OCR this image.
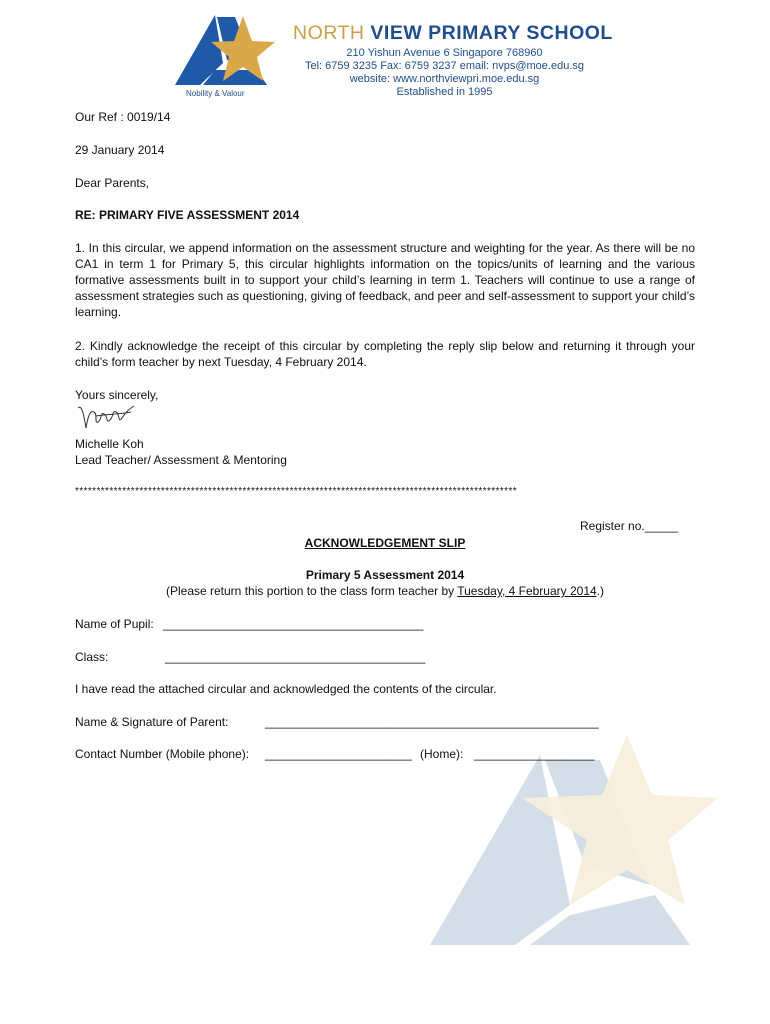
Nobility & Valour
NORTH VIEW PRIMARY SCHOOL
210 Yishun Avenue 6 Singapore 768960
Tel: 6759 3235 Fax: 6759 3237 email: nvps@moe.edu.sg
website: www.northviewpri.moe.edu.sg
Established in 1995
Our Ref : 0019/14
29 January 2014
Dear Parents,
RE: PRIMARY FIVE ASSESSMENT 2014
1. In this circular, we append information on the assessment structure and weighting for the year. As there will be no CA1 in term 1 for Primary 5, this circular highlights information on the topics/units of learning and the various formative assessments built in to support your child’s learning in term 1. Teachers will continue to use a range of assessment strategies such as questioning, giving of feedback, and peer and self-assessment to support your child’s learning.
2. Kindly acknowledge the receipt of this circular by completing the reply slip below and returning it through your child’s form teacher by next Tuesday, 4 February 2014.
Yours sincerely,
Michelle Koh
Lead Teacher/ Assessment & Mentoring
*******************************************************************************************************
Register no._____
ACKNOWLEDGEMENT SLIP
Primary 5 Assessment 2014
(Please return this portion to the class form teacher by Tuesday, 4 February 2014.)
Name of Pupil: _______________________________________
Class:	_______________________________________
I have read the attached circular and acknowledged the contents of the circular.
Name & Signature of Parent:	__________________________________________________
Contact Number (Mobile phone): ______________________ (Home): __________________
